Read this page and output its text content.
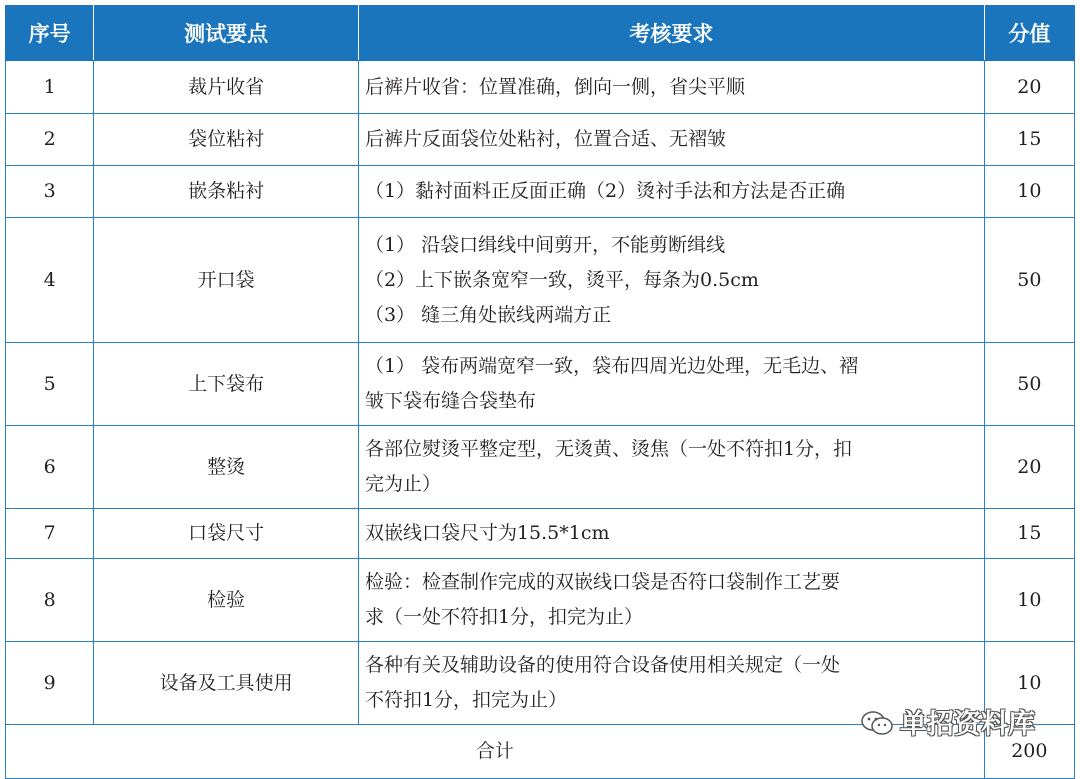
序号	测试要点	考核要求	分值
1	裁片收省	后裤片收省：位置准确，倒向一侧，省尖平顺	20
2	袋位粘衬	后裤片反面袋位处粘衬，位置合适、无褶皱	15
3	嵌条粘衬	（1）黏衬面料正反面正确（2）烫衬手法和方法是否正确	10
4	开口袋	（1） 沿袋口缉线中间剪开，不能剪断缉线
（2）上下嵌条宽窄一致，烫平，每条为0.5cm
（3） 缝三角处嵌线两端方正	50
5	上下袋布	（1） 袋布两端宽窄一致，袋布四周光边处理，无毛边、褶
皱下袋布缝合袋垫布	50
6	整烫	各部位熨烫平整定型，无烫黄、烫焦（一处不符扣1分，扣
完为止）	20
7	口袋尺寸	双嵌线口袋尺寸为15.5*1cm	15
8	检验	检验：检查制作完成的双嵌线口袋是否符口袋制作工艺要
求（一处不符扣1分，扣完为止）	10
9	设备及工具使用	各种有关及辅助设备的使用符合设备使用相关规定（一处
不符扣1分，扣完为止）	10
合计			200
单招资料库
